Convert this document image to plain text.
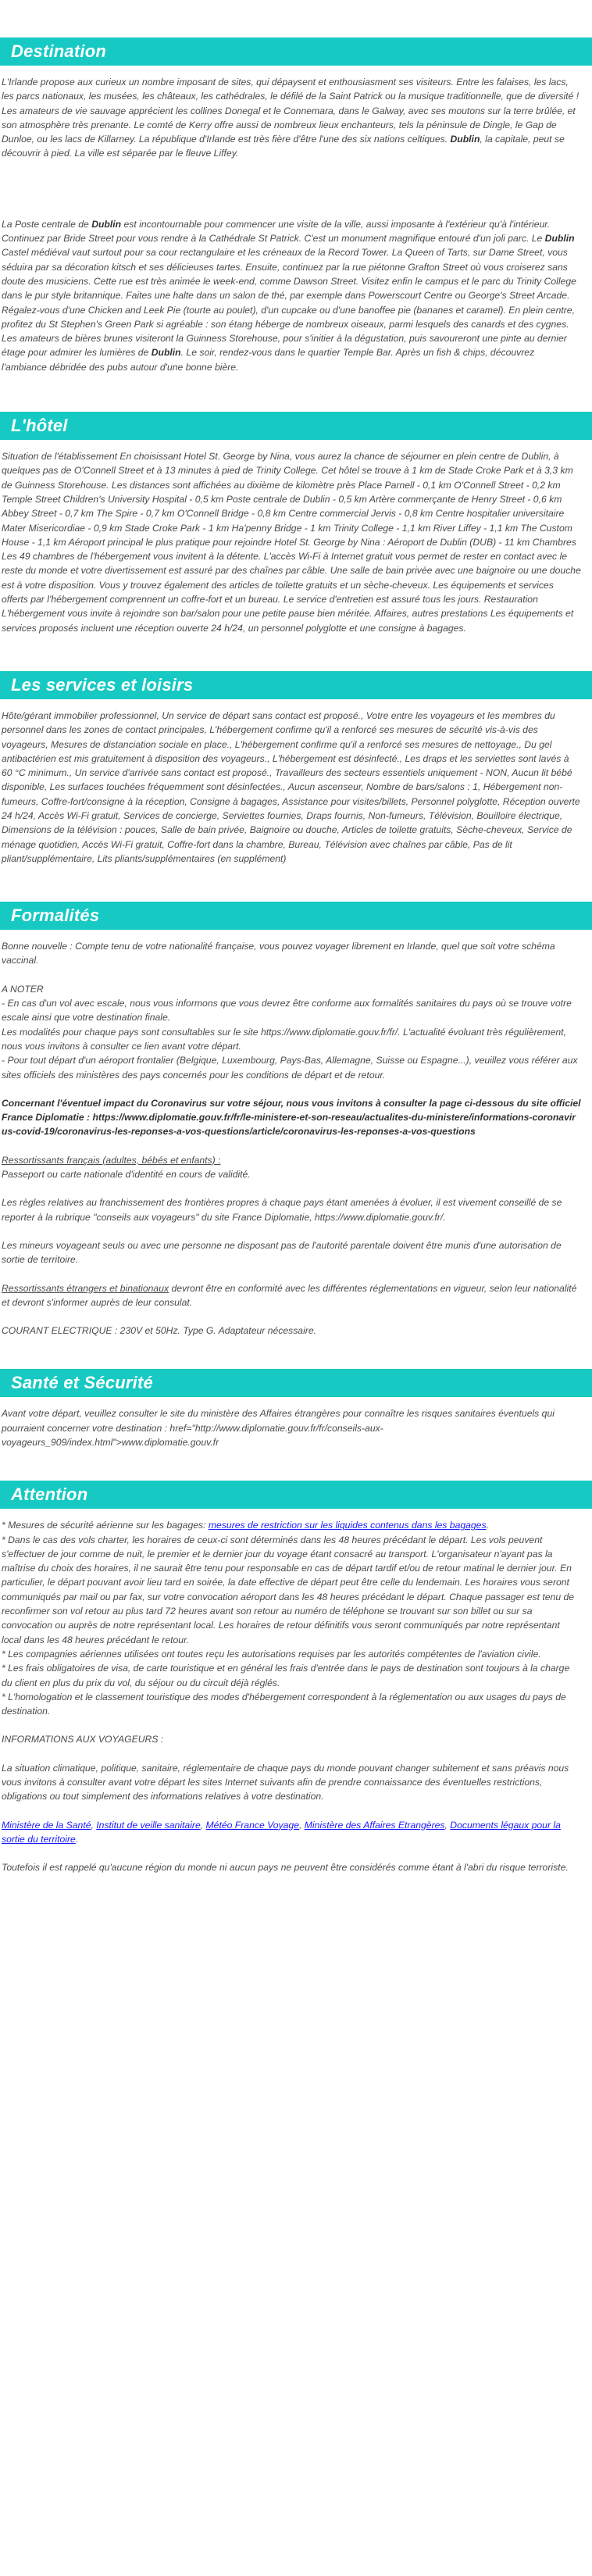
Destination

L'Irlande propose aux curieux un nombre imposant de sites, qui dépaysent et enthousiasment ses visiteurs. Entre les falaises, les lacs, les parcs nationaux, les musées, les châteaux, les cathédrales, le défilé de la Saint Patrick ou la musique traditionnelle, que de diversité ! Les amateurs de vie sauvage apprécient les collines Donegal et le Connemara, dans le Galway, avec ses moutons sur la terre brûlée, et son atmosphère très prenante. Le comté de Kerry offre aussi de nombreux lieux enchanteurs, tels la péninsule de Dingle, le Gap de Dunloe, ou les lacs de Killarney. La république d'Irlande est très fière d'être l'une des six nations celtiques. Dublin, la capitale, peut se découvrir à pied. La ville est séparée par le fleuve Liffey.

La Poste centrale de Dublin est incontournable pour commencer une visite de la ville, aussi imposante à l'extérieur qu'à l'intérieur. Continuez par Bride Street pour vous rendre à la Cathédrale St Patrick. C'est un monument magnifique entouré d'un joli parc. Le Dublin Castel médiéval vaut surtout pour sa cour rectangulaire et les créneaux de la Record Tower. La Queen of Tarts, sur Dame Street, vous séduira par sa décoration kitsch et ses délicieuses tartes. Ensuite, continuez par la rue piétonne Grafton Street où vous croiserez sans doute des musiciens. Cette rue est très animée le week-end, comme Dawson Street. Visitez enfin le campus et le parc du Trinity College dans le pur style britannique. Faites une halte dans un salon de thé, par exemple dans Powerscourt Centre ou George's Street Arcade. Régalez-vous d'une Chicken and Leek Pie (tourte au poulet), d'un cupcake ou d'une banoffee pie (bananes et caramel). En plein centre, profitez du St Stephen's Green Park si agréable : son étang héberge de nombreux oiseaux, parmi lesquels des canards et des cygnes. Les amateurs de bières brunes visiteront la Guinness Storehouse, pour s'initier à la dégustation, puis savoureront une pinte au dernier étage pour admirer les lumières de Dublin. Le soir, rendez-vous dans le quartier Temple Bar. Après un fish & chips, découvrez l'ambiance débridée des pubs autour d'une bonne bière.

L'hôtel

Situation de l'établissement En choisissant Hotel St. George by Nina, vous aurez la chance de séjourner en plein centre de Dublin, à quelques pas de O'Connell Street et à 13 minutes à pied de Trinity College. Cet hôtel se trouve à 1 km de Stade Croke Park et à 3,3 km de Guinness Storehouse. Les distances sont affichées au dixième de kilomètre près Place Parnell - 0,1 km O'Connell Street - 0,2 km Temple Street Children's University Hospital - 0,5 km Poste centrale de Dublin - 0,5 km Artère commerçante de Henry Street - 0,6 km Abbey Street - 0,7 km The Spire - 0,7 km O'Connell Bridge - 0,8 km Centre commercial Jervis - 0,8 km Centre hospitalier universitaire Mater Misericordiae - 0,9 km Stade Croke Park - 1 km Ha'penny Bridge - 1 km Trinity College - 1,1 km River Liffey - 1,1 km The Custom House - 1,1 km Aéroport principal le plus pratique pour rejoindre Hotel St. George by Nina : Aéroport de Dublin (DUB) - 11 km Chambres Les 49 chambres de l'hébergement vous invitent à la détente. L'accès Wi-Fi à Internet gratuit vous permet de rester en contact avec le reste du monde et votre divertissement est assuré par des chaînes par câble. Une salle de bain privée avec une baignoire ou une douche est à votre disposition. Vous y trouvez également des articles de toilette gratuits et un sèche-cheveux. Les équipements et services offerts par l'hébergement comprennent un coffre-fort et un bureau. Le service d'entretien est assuré tous les jours. Restauration L'hébergement vous invite à rejoindre son bar/salon pour une petite pause bien méritée. Affaires, autres prestations Les équipements et services proposés incluent une réception ouverte 24 h/24, un personnel polyglotte et une consigne à bagages.

Les services et loisirs

Hôte/gérant immobilier professionnel, Un service de départ sans contact est proposé., Votre entre les voyageurs et les membres du personnel dans les zones de contact principales, L'hébergement confirme qu'il a renforcé ses mesures de sécurité vis-à-vis des voyageurs, Mesures de distanciation sociale en place., L'hébergement confirme qu'il a renforcé ses mesures de nettoyage., Du gel antibactérien est mis gratuitement à disposition des voyageurs., L'hébergement est désinfecté., Les draps et les serviettes sont lavés à 60 °C minimum., Un service d'arrivée sans contact est proposé., Travailleurs des secteurs essentiels uniquement - NON, Aucun lit bébé disponible, Les surfaces touchées fréquemment sont désinfectées., Aucun ascenseur, Nombre de bars/salons : 1, Hébergement non-fumeurs, Coffre-fort/consigne à la réception, Consigne à bagages, Assistance pour visites/billets, Personnel polyglotte, Réception ouverte 24 h/24, Accès Wi-Fi gratuit, Services de concierge, Serviettes fournies, Draps fournis, Non-fumeurs, Télévision, Bouilloire électrique, Dimensions de la télévision : pouces, Salle de bain privée, Baignoire ou douche, Articles de toilette gratuits, Sèche-cheveux, Service de ménage quotidien, Accès Wi-Fi gratuit, Coffre-fort dans la chambre, Bureau, Télévision avec chaînes par câble, Pas de lit pliant/supplémentaire, Lits pliants/supplémentaires (en supplément)

Formalités

Bonne nouvelle : Compte tenu de votre nationalité française, vous pouvez voyager librement en Irlande, quel que soit votre schéma vaccinal.

A NOTER

- En cas d'un vol avec escale, nous vous informons que vous devrez être conforme aux formalités sanitaires du pays où se trouve votre escale ainsi que votre destination finale.

Les modalités pour chaque pays sont consultables sur le site https://www.diplomatie.gouv.fr/fr/. L'actualité évoluant très régulièrement, nous vous invitons à consulter ce lien avant votre départ.

- Pour tout départ d'un aéroport frontalier (Belgique, Luxembourg, Pays-Bas, Allemagne, Suisse ou Espagne...), veuillez vous référer aux sites officiels des ministères des pays concernés pour les conditions de départ et de retour.

Concernant l'éventuel impact du Coronavirus sur votre séjour, nous vous invitons à consulter la page ci-dessous du site officiel France Diplomatie : https://www.diplomatie.gouv.fr/fr/le-ministere-et-son-reseau/actualites-du-ministere/informations-coronavirus-covid-19/coronavirus-les-reponses-a-vos-questions/article/coronavirus-les-reponses-a-vos-questions

Ressortissants français (adultes, bébés et enfants) :

Passeport ou carte nationale d'identité en cours de validité.

Les règles relatives au franchissement des frontières propres à chaque pays étant amenées à évoluer, il est vivement conseillé de se reporter à la rubrique "conseils aux voyageurs" du site France Diplomatie, https://www.diplomatie.gouv.fr/.

Les mineurs voyageant seuls ou avec une personne ne disposant pas de l'autorité parentale doivent être munis d'une autorisation de sortie de territoire.

Ressortissants étrangers et binationaux devront être en conformité avec les différentes réglementations en vigueur, selon leur nationalité et devront s'informer auprès de leur consulat.

COURANT ELECTRIQUE : 230V et 50Hz. Type G. Adaptateur nécessaire.

Santé et Sécurité

Avant votre départ, veuillez consulter le site du ministère des Affaires étrangères pour connaître les risques sanitaires éventuels qui pourraient concerner votre destination : href="http://www.diplomatie.gouv.fr/fr/conseils-aux-voyageurs_909/index.html">www.diplomatie.gouv.fr

Attention

* Mesures de sécurité aérienne sur les bagages: mesures de restriction sur les liquides contenus dans les bagages.

* Dans le cas des vols charter, les horaires de ceux-ci sont déterminés dans les 48 heures précédant le départ. Les vols peuvent s'effectuer de jour comme de nuit, le premier et le dernier jour du voyage étant consacré au transport. L'organisateur n'ayant pas la maîtrise du choix des horaires, il ne saurait être tenu pour responsable en cas de départ tardif et/ou de retour matinal le dernier jour. En particulier, le départ pouvant avoir lieu tard en soirée, la date effective de départ peut être celle du lendemain. Les horaires vous seront communiqués par mail ou par fax, sur votre convocation aéroport dans les 48 heures précédant le départ. Chaque passager est tenu de reconfirmer son vol retour au plus tard 72 heures avant son retour au numéro de téléphone se trouvant sur son billet ou sur sa convocation ou auprès de notre représentant local. Les horaires de retour définitifs vous seront communiqués par notre représentant local dans les 48 heures précédant le retour.

* Les compagnies aériennes utilisées ont toutes reçu les autorisations requises par les autorités compétentes de l'aviation civile.

* Les frais obligatoires de visa, de carte touristique et en général les frais d'entrée dans le pays de destination sont toujours à la charge du client en plus du prix du vol, du séjour ou du circuit déjà réglés.

* L'homologation et le classement touristique des modes d'hébergement correspondent à la réglementation ou aux usages du pays de destination.

INFORMATIONS AUX VOYAGEURS :

La situation climatique, politique, sanitaire, réglementaire de chaque pays du monde pouvant changer subitement et sans préavis nous vous invitons à consulter avant votre départ les sites Internet suivants afin de prendre connaissance des éventuelles restrictions, obligations ou tout simplement des informations relatives à votre destination.

Ministère de la Santé, Institut de veille sanitaire, Météo France Voyage, Ministère des Affaires Etrangères, Documents légaux pour la sortie du territoire.

Toutefois il est rappelé qu'aucune région du monde ni aucun pays ne peuvent être considérés comme étant à l'abri du risque terroriste.
